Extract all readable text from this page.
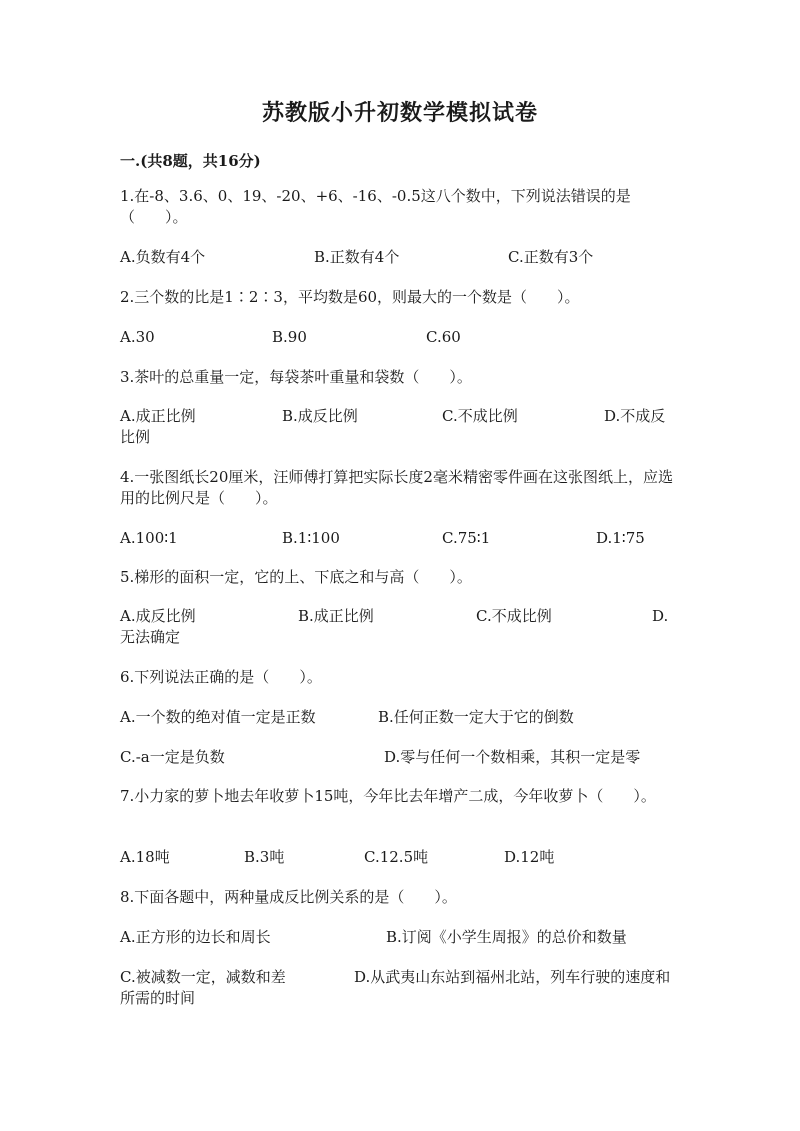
苏教版小升初数学模拟试卷
一.(共8题，共16分)
1.在-8、3.6、0、19、-20、+6、-16、-0.5这八个数中，下列说法错误的是（　　）。
A.负数有4个	B.正数有4个	C.正数有3个
2.三个数的比是1∶2∶3，平均数是60，则最大的一个数是（　　）。
A.30	B.90	C.60
3.茶叶的总重量一定，每袋茶叶重量和袋数（　　）。
A.成正比例	B.成反比例	C.不成比例	D.不成反比例
4.一张图纸长20厘米，汪师傅打算把实际长度2毫米精密零件画在这张图纸上，应选用的比例尺是（　　）。
A.100∶1	B.1∶100	C.75∶1	D.1∶75
5.梯形的面积一定，它的上、下底之和与高（　　）。
A.成反比例	B.成正比例	C.不成比例	D.无法确定
6.下列说法正确的是（　　）。
A.一个数的绝对值一定是正数	B.任何正数一定大于它的倒数
C.-a一定是负数	D.零与任何一个数相乘，其积一定是零
7.小力家的萝卜地去年收萝卜15吨，今年比去年增产二成，今年收萝卜（　　）。
A.18吨	B.3吨	C.12.5吨	D.12吨
8.下面各题中，两种量成反比例关系的是（　　）。
A.正方形的边长和周长	B.订阅《小学生周报》的总价和数量
C.被减数一定，减数和差	D.从武夷山东站到福州北站，列车行驶的速度和所需的时间
